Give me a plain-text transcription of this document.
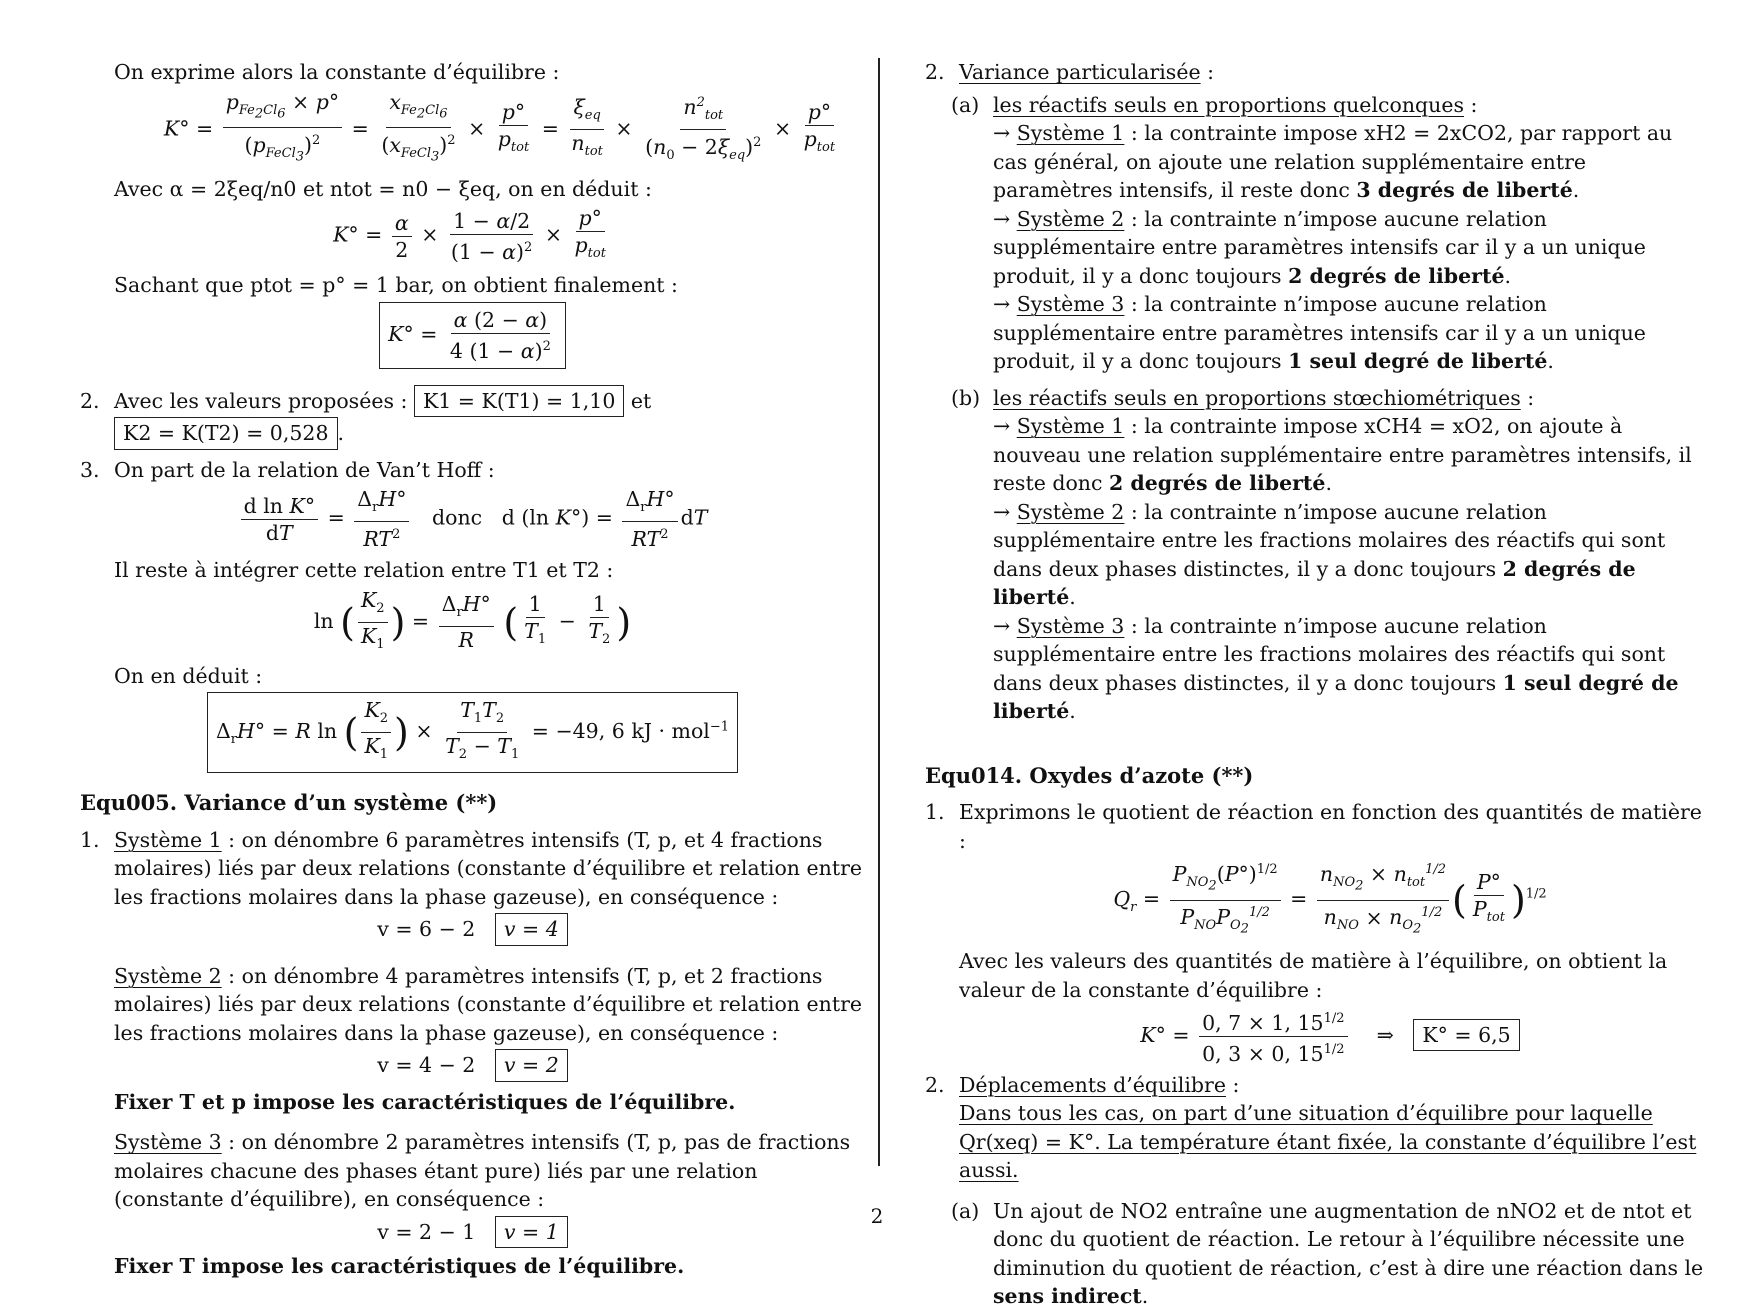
On exprime alors la constante d’équilibre :

$K^\circ = \frac{p_{Fe_2Cl_6} \times p^\circ}{(p_{FeCl_3})^2} = \frac{x_{Fe_2Cl_6}}{(x_{FeCl_3})^2} \times \frac{p^\circ}{p_{tot}} = \frac{\xi_{eq}}{n_{tot}} \times \frac{n^2_{tot}}{(n_0 - 2\xi_{eq})^2} \times \frac{p^\circ}{p_{tot}}$

Avec α = 2ξeq/n0 et ntot = n0 − ξeq, on en déduit :

$K^\circ = \frac{\alpha}{2} \times \frac{1 - \alpha/2}{(1 - \alpha)^2} \times \frac{p^\circ}{p_{tot}}$

Sachant que ptot = p° = 1 bar, on obtient finalement :

$K^\circ = \frac{\alpha (2 - \alpha)}{4 (1 - \alpha)^2}$

2. Avec les valeurs proposées : K1 = K(T1) = 1,10 et K2 = K(T2) = 0,528 .

3. On part de la relation de Van’t Hoff :

$\frac{\text{d ln K°}}{dT} = \frac{\Delta_rH^\circ}{RT^2}$ donc   d (ln $K^\circ) = \frac{\Delta_rH^\circ}{RT^2}$ dT

Il reste à intégrer cette relation entre T1 et T2 :

ln ( $\frac{K_2}{K_1}$ ) = $\frac{\Delta_rH^\circ}{R}$ ( $\frac{1}{T_1} - \frac{1}{T_2}$ )

On en déduit :

$\Delta_rH^\circ = R$ ln ( $\frac{K_2}{K_1}$ ) × $\frac{T_1T_2}{T_2 - T_1} = -49$, 6 kJ · mol$^{-1}$
Equ005. Variance d’un système (**)

1. Système 1 : on dénombre 6 paramètres intensifs (T, p, et 4 fractions molaires) liés par deux relations (constante d’équilibre et relation entre les fractions molaires dans la phase gazeuse), en conséquence :

v = 6 − 2 v = 4

Système 2 : on dénombre 4 paramètres intensifs (T, p, et 2 fractions molaires) liés par deux relations (constante d’équilibre et relation entre les fractions molaires dans la phase gazeuse), en conséquence :

v = 4 − 2 v = 2

Fixer T et p impose les caractéristiques de l’équilibre.

Système 3 : on dénombre 2 paramètres intensifs (T, p, pas de fractions molaires chacune des phases étant pure) liés par une relation (constante d’équilibre), en conséquence :

v = 2 − 1 v = 1

Fixer T impose les caractéristiques de l’équilibre.

2. Variance particularisée :

(a) les réactifs seuls en proportions quelconques :

→ Système 1 : la contrainte impose xH2 = 2xCO2, par rapport au cas général, on ajoute une relation supplémentaire entre paramètres intensifs, il reste donc 3 degrés de liberté.

→ Système 2 : la contrainte n’impose aucune relation supplémentaire entre paramètres intensifs car il y a un unique produit, il y a donc toujours 2 degrés de liberté.

→ Système 3 : la contrainte n’impose aucune relation supplémentaire entre paramètres intensifs car il y a un unique produit, il y a donc toujours 1 seul degré de liberté.

(b) les réactifs seuls en proportions stœchiométriques :

→ Système 1 : la contrainte impose xCH4 = xO2, on ajoute à nouveau une relation supplémentaire entre paramètres intensifs, il reste donc 2 degrés de liberté.

→ Système 2 : la contrainte n’impose aucune relation supplémentaire entre les fractions molaires des réactifs qui sont dans deux phases distinctes, il y a donc toujours 2 degrés de liberté.

→ Système 3 : la contrainte n’impose aucune relation supplémentaire entre les fractions molaires des réactifs qui sont dans deux phases distinctes, il y a donc toujours 1 seul degré de liberté.

Equ014. Oxydes d’azote (**)

1. Exprimons le quotient de réaction en fonction des quantités de matière :

$Q_r = \frac{P_{NO_2}(P^\circ)^{1/2}}{P_{NO}P_{O_2}^{1/2}} = \frac{n_{NO_2} \times n_{tot}^{1/2}}{n_{NO} \times n_{O_2}^{1/2}}$ ( $\frac{P^\circ}{P_{tot}} )^{1/2}$

Avec les valeurs des quantités de matière à l’équilibre, on obtient la valeur de la constante d’équilibre :

$K^\circ = \frac{0, 7 \times 1, 15^{1/2}}{0, 3 \times 0, 15^{1/2}}$ ⇒   K° = 6,5

2. Déplacements d’équilibre :

Dans tous les cas, on part d’une situation d’équilibre pour laquelle Qr(xeq) = K°. La température étant fixée, la constante d’équilibre l’est aussi.

(a) Un ajout de NO2 entraîne une augmentation de nNO2 et de ntot et donc du quotient de réaction. Le retour à l’équilibre nécessite une diminution du quotient de réaction, c’est à dire une réaction dans le sens indirect.

2
